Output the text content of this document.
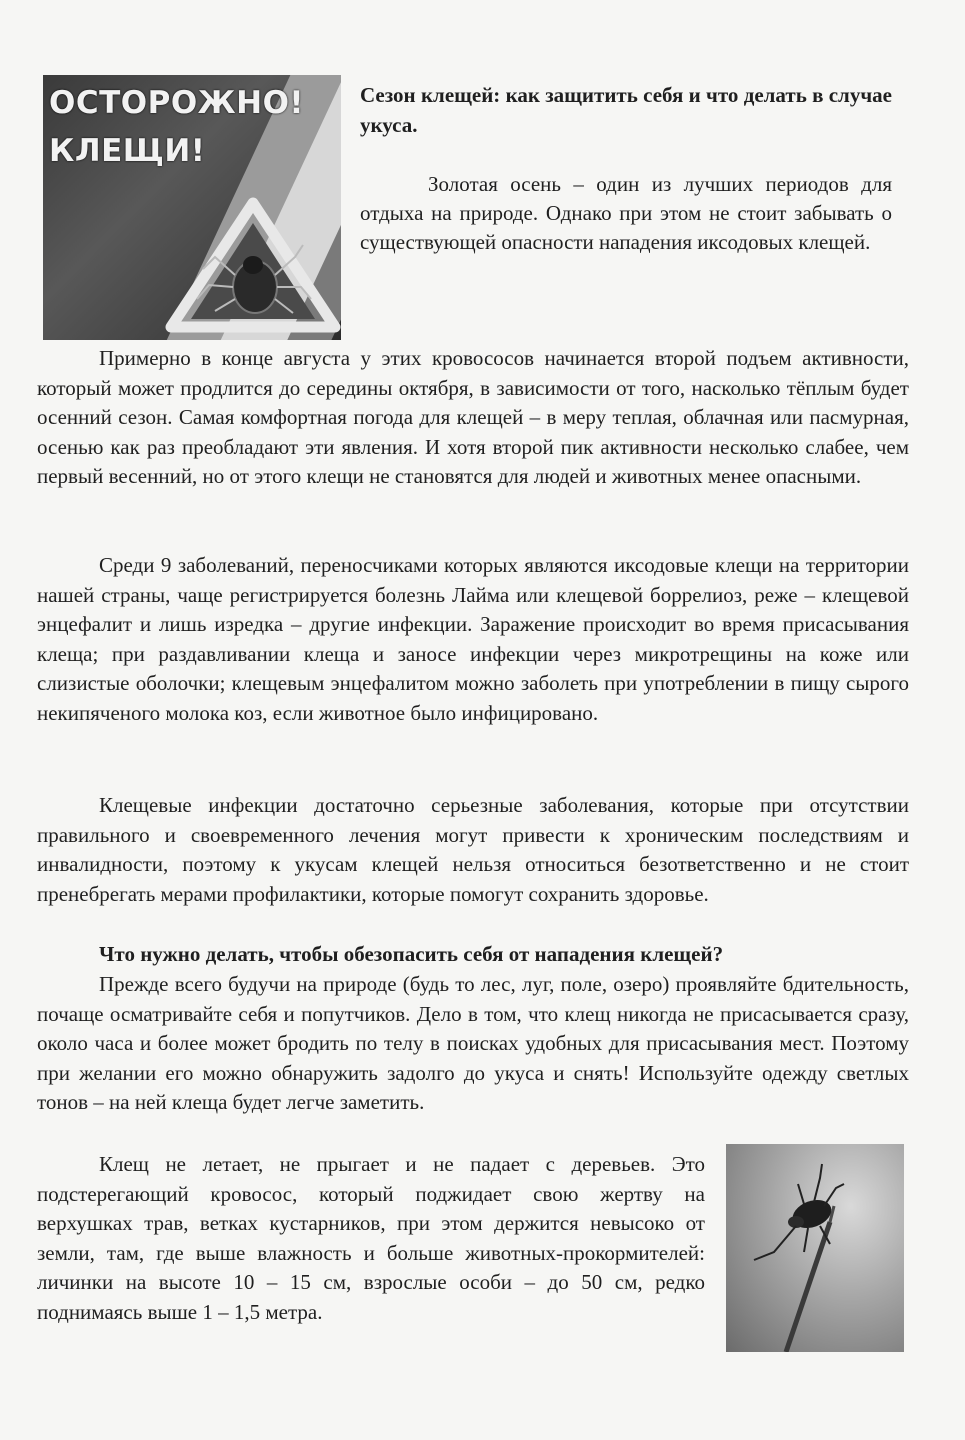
ОСТОРОЖНО!
КЛЕЩИ!
Сезон клещей: как защитить себя и что делать в случае укуса.
Золотая осень – один из лучших периодов для отдыха на природе. Однако при этом не стоит забывать о существующей опасности нападения иксодовых клещей.

Примерно в конце августа у этих кровососов начинается второй подъем активности, который может продлится до середины октября, в зависимости от того, насколько тёплым будет осенний сезон. Самая комфортная погода для клещей – в меру теплая, облачная или пасмурная, осенью как раз преобладают эти явления. И хотя второй пик активности несколько слабее, чем первый весенний, но от этого клещи не становятся для людей и животных менее опасными.

Среди 9 заболеваний, переносчиками которых являются иксодовые клещи на территории нашей страны, чаще регистрируется болезнь Лайма или клещевой боррелиоз, реже – клещевой энцефалит и лишь изредка – другие инфекции. Заражение происходит во время присасывания клеща; при раздавливании клеща и заносе инфекции через микротрещины на коже или слизистые оболочки; клещевым энцефалитом можно заболеть при употреблении в пищу сырого некипяченого молока коз, если животное было инфицировано.

Клещевые инфекции достаточно серьезные заболевания, которые при отсутствии правильного и своевременного лечения могут привести к хроническим последствиям и инвалидности, поэтому к укусам клещей нельзя относиться безответственно и не стоит пренебрегать мерами профилактики, которые помогут сохранить здоровье.

Что нужно делать, чтобы обезопасить себя от нападения клещей?

Прежде всего будучи на природе (будь то лес, луг, поле, озеро) проявляйте бдительность, почаще осматривайте себя и попутчиков. Дело в том, что клещ никогда не присасывается сразу, около часа и более может бродить по телу в поисках удобных для присасывания мест. Поэтому при желании его можно обнаружить задолго до укуса и снять! Используйте одежду светлых тонов – на ней клеща будет легче заметить.

Клещ не летает, не прыгает и не падает с деревьев. Это подстерегающий кровосос, который поджидает свою жертву на верхушках трав, ветках кустарников, при этом держится невысоко от земли, там, где выше влажность и больше животных-прокормителей: личинки на высоте 10 – 15 см, взрослые особи – до 50 см, редко поднимаясь выше 1 – 1,5 метра.
